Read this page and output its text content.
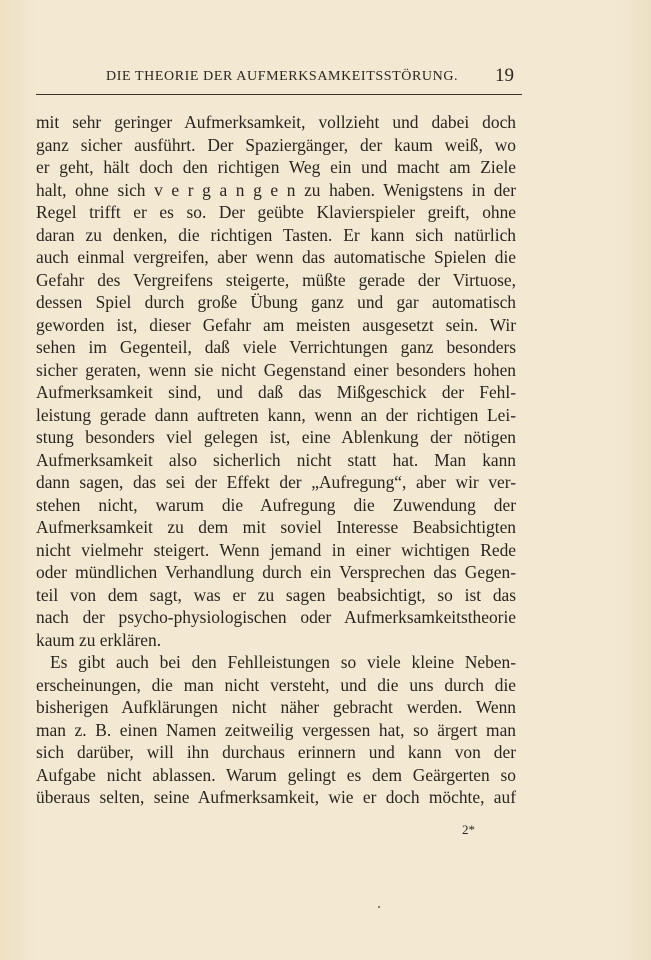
DIE THEORIE DER AUFMERKSAMKEITSSTÖRUNG. 19
mit sehr geringer Aufmerksamkeit, vollzieht und dabei doch
ganz sicher ausführt. Der Spaziergänger, der kaum weiß, wo
er geht, hält doch den richtigen Weg ein und macht am Ziele
halt, ohne sich v e r g a n g e n zu haben. Wenigstens in der
Regel trifft er es so. Der geübte Klavierspieler greift, ohne
daran zu denken, die richtigen Tasten. Er kann sich natürlich
auch einmal vergreifen, aber wenn das automatische Spielen die
Gefahr des Vergreifens steigerte, müßte gerade der Virtuose,
dessen Spiel durch große Übung ganz und gar automatisch
geworden ist, dieser Gefahr am meisten ausgesetzt sein. Wir
sehen im Gegenteil, daß viele Verrichtungen ganz besonders
sicher geraten, wenn sie nicht Gegenstand einer besonders hohen
Aufmerksamkeit sind, und daß das Mißgeschick der Fehl-
leistung gerade dann auftreten kann, wenn an der richtigen Lei-
stung besonders viel gelegen ist, eine Ablenkung der nötigen
Aufmerksamkeit also sicherlich nicht statt hat. Man kann
dann sagen, das sei der Effekt der „Aufregung“, aber wir ver-
stehen nicht, warum die Aufregung die Zuwendung der
Aufmerksamkeit zu dem mit soviel Interesse Beabsichtigten
nicht vielmehr steigert. Wenn jemand in einer wichtigen Rede
oder mündlichen Verhandlung durch ein Versprechen das Gegen-
teil von dem sagt, was er zu sagen beabsichtigt, so ist das
nach der psycho-physiologischen oder Aufmerksamkeitstheorie
kaum zu erklären.
Es gibt auch bei den Fehlleistungen so viele kleine Neben-
erscheinungen, die man nicht versteht, und die uns durch die
bisherigen Aufklärungen nicht näher gebracht werden. Wenn
man z. B. einen Namen zeitweilig vergessen hat, so ärgert man
sich darüber, will ihn durchaus erinnern und kann von der
Aufgabe nicht ablassen. Warum gelingt es dem Geärgerten so
überaus selten, seine Aufmerksamkeit, wie er doch möchte, auf
2*
